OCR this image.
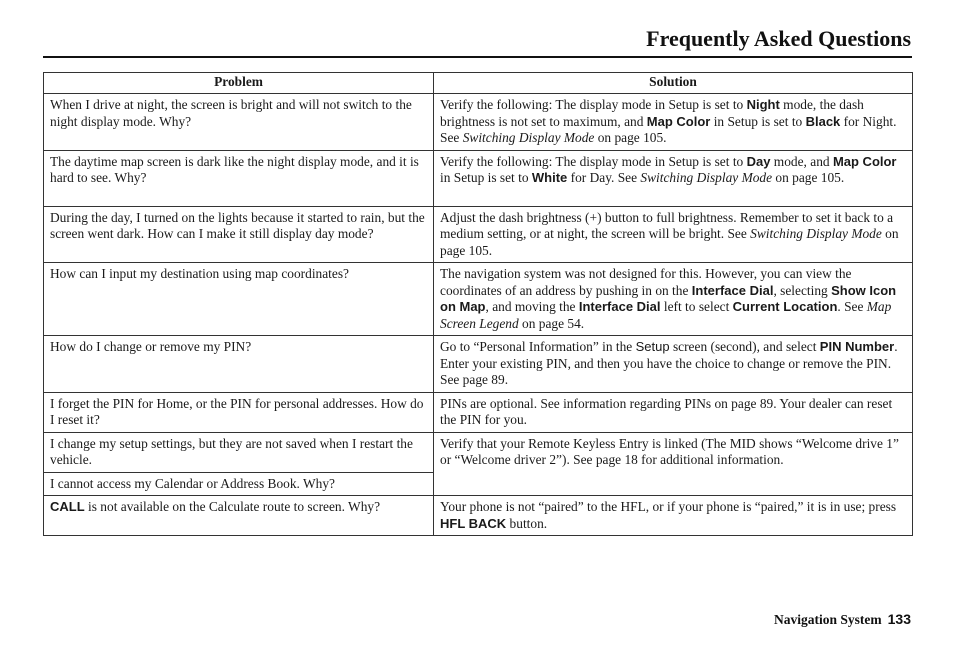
Frequently Asked Questions
Problem	Solution
When I drive at night, the screen is bright and will not switch to the night display mode. Why?	Verify the following: The display mode in Setup is set to Night mode, the dash brightness is not set to maximum, and Map Color in Setup is set to Black for Night. See Switching Display Mode on page 105.
The daytime map screen is dark like the night display mode, and it is hard to see. Why?	Verify the following: The display mode in Setup is set to Day mode, and Map Color in Setup is set to White for Day. See Switching Display Mode on page 105.
During the day, I turned on the lights because it started to rain, but the screen went dark. How can I make it still display day mode?	Adjust the dash brightness (+) button to full brightness. Remember to set it back to a medium setting, or at night, the screen will be bright. See Switching Display Mode on page 105.
How can I input my destination using map coordinates?	The navigation system was not designed for this. However, you can view the coordinates of an address by pushing in on the Interface Dial, selecting Show Icon on Map, and moving the Interface Dial left to select Current Location. See Map Screen Legend on page 54.
How do I change or remove my PIN?	Go to “Personal Information” in the Setup screen (second), and select PIN Number. Enter your existing PIN, and then you have the choice to change or remove the PIN. See page 89.
I forget the PIN for Home, or the PIN for personal addresses. How do I reset it?	PINs are optional. See information regarding PINs on page 89. Your dealer can reset the PIN for you.
I change my setup settings, but they are not saved when I restart the vehicle.	Verify that your Remote Keyless Entry is linked (The MID shows “Welcome drive 1” or “Welcome driver 2”). See page 18 for additional information.
I cannot access my Calendar or Address Book. Why?	
CALL is not available on the Calculate route to screen. Why?	Your phone is not “paired” to the HFL, or if your phone is “paired,” it is in use; press HFL BACK button.
Navigation System 133
